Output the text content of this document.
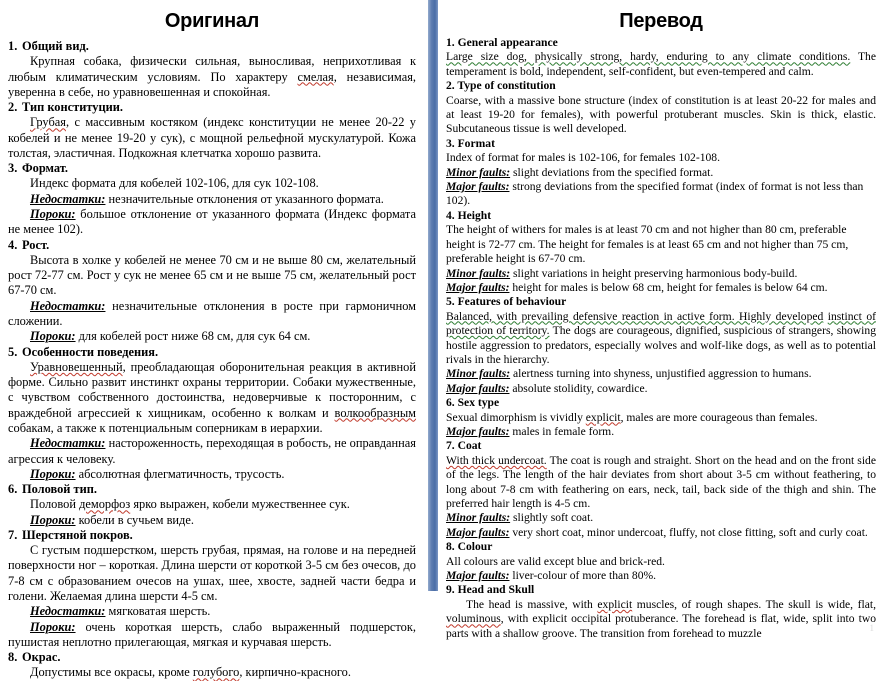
Оригинал
1. Общий вид.

Крупная собака, физически сильная, выносливая, неприхотливая к любым климатическим условиям. По характеру смелая, независимая, уверенна в себе, но уравновешенная и спокойная.

2. Тип конституции.

Грубая, с массивным костяком (индекс конституции не менее 20-22 у кобелей и не менее 19-20 у сук), с мощной рельефной мускулатурой. Кожа толстая, эластичная. Подкожная клетчатка хорошо развита.

3. Формат.

Индекс формата для кобелей 102-106, для сук 102-108.

Недостатки: незначительные отклонения от указанного формата.

Пороки: большое отклонение от указанного формата (Индекс формата не менее 102).

4. Рост.

Высота в холке у кобелей не менее 70 см и не выше 80 см, желательный рост 72-77 см. Рост у сук не менее 65 см и не выше 75 см, желательный рост 67-70 см.

Недостатки: незначительные отклонения в росте при гармоничном сложении.

Пороки: для кобелей рост ниже 68 см, для сук 64 см.

5. Особенности поведения.

Уравновешенный, преобладающая оборонительная реакция в активной форме. Сильно развит инстинкт охраны территории. Собаки мужественные, с чувством собственного достоинства, недоверчивые к посторонним, с враждебной агрессией к хищникам, особенно к волкам и волкообразным собакам, а также к потенциальным соперникам в иерархии.

Недостатки: настороженность, переходящая в робость, не оправданная агрессия к человеку.

Пороки: абсолютная флегматичность, трусость.

6. Половой тип.

Половой деморфоз ярко выражен, кобели мужественнее сук.

Пороки: кобели в сучьем виде.

7. Шерстяной покров.

С густым подшерстком, шерсть грубая, прямая, на голове и на передней поверхности ног – короткая. Длина шерсти от короткой 3-5 см без очесов, до 7-8 см с образованием очесов на ушах, шее, хвосте, задней части бедра и голени. Желаемая длина шерсти 4-5 см.

Недостатки: мягковатая шерсть.

Пороки: очень короткая шерсть, слабо выраженный подшерсток, пушистая неплотно прилегающая, мягкая и курчавая шерсть.

8. Окрас.

Допустимы все окрасы, кроме голубого, кирпично-красного.

Перевод
1. General appearance

Large size dog, physically strong, hardy, enduring to any climate conditions. The temperament is bold, independent, self-confident, but even-tempered and calm.

2. Type of constitution

Coarse, with a massive bone structure (index of constitution is at least 20-22 for males and at least 19-20 for females), with powerful protuberant muscles. Skin is thick, elastic. Subcutaneous tissue is well developed.

3. Format

Index of format for males is 102-106, for females 102-108.

Minor faults: slight deviations from the specified format.

Major faults: strong deviations from the specified format (index of format is not less than 102).

4. Height

The height of withers for males is at least 70 cm and not higher than 80 cm, preferable height is 72-77 cm. The height for females is at least 65 cm and not higher than 75 cm, preferable height is 67-70 cm.

Minor faults: slight variations in height preserving harmonious body-build.

Major faults: height for males is below 68 cm, height for females is below 64 cm.

5. Features of behaviour

Balanced, with prevailing defensive reaction in active form. Highly developed instinct of protection of territory. The dogs are courageous, dignified, suspicious of strangers, showing hostile aggression to predators, especially wolves and wolf-like dogs, as well as to potential rivals in the hierarchy.

Minor faults: alertness turning into shyness, unjustified aggression to humans.

Major faults: absolute stolidity, cowardice.

6. Sex type

Sexual dimorphism is vividly explicit, males are more courageous than females.

Major faults: males in female form.

7. Coat

With thick undercoat. The coat is rough and straight. Short on the head and on the front side of the legs. The length of the hair deviates from short about 3-5 cm without feathering, to long about 7-8 cm with feathering on ears, neck, tail, back side of the thigh and shin. The preferred hair length is 4-5 cm.

Minor faults: slightly soft coat.

Major faults: very short coat, minor undercoat, fluffy, not close fitting, soft and curly coat.

8. Colour

All colours are valid except blue and brick-red.

Major faults: liver-colour of more than 80%.

9. Head and Skull

The head is massive, with explicit muscles, of rough shapes. The skull is wide, flat, voluminous, with explicit occipital protuberance. The forehead is flat, wide, split into two parts with a shallow groove. The transition from forehead to muzzle	1
